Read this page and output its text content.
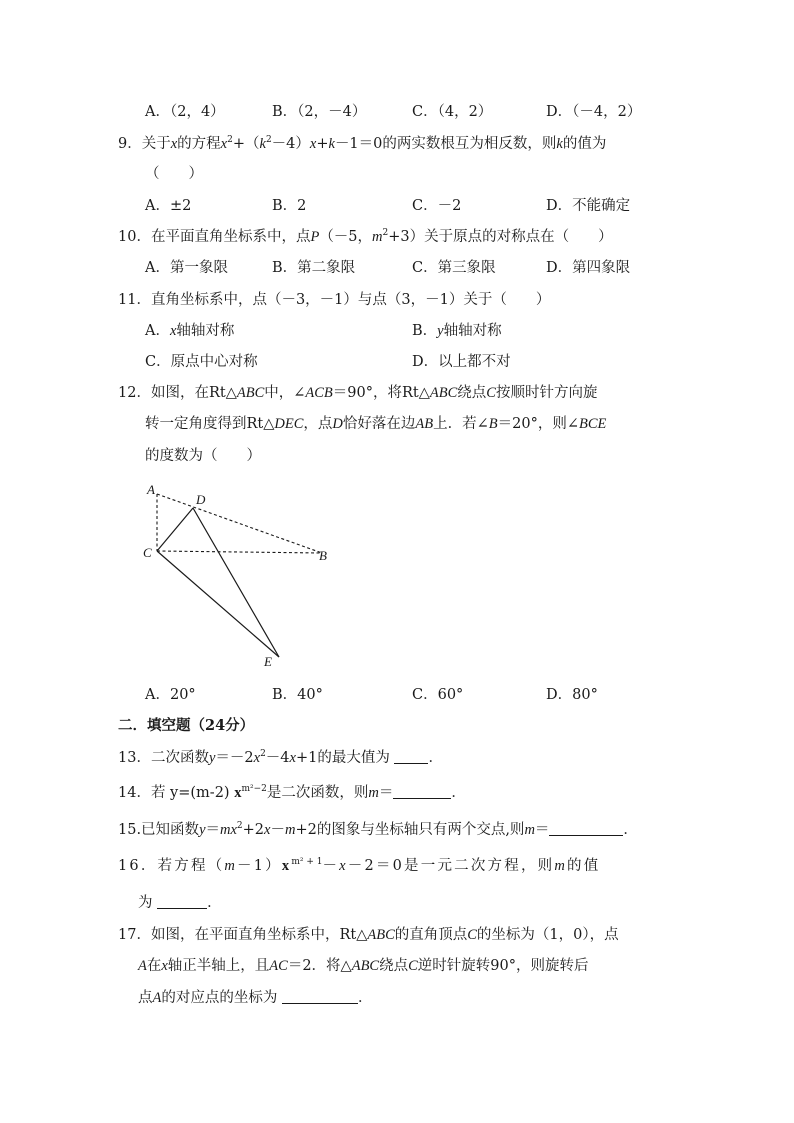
A．（2，4）	B．（2，－4）	C．（4，2）	D．（－4，2）
9．关于x的方程$x^2+(k^2-4)x+k-1=0$的两实数根互为相反数，则k的值为
（　　）
A．±2	B．2	C．－2	D．不能确定
10．在平面直角坐标系中，点P（－5，$m^2+3$）关于原点的对称点在（　　）
A．第一象限	B．第二象限	C．第三象限	D．第四象限
11．直角坐标系中，点（－3，－1）与点（3，－1）关于（　　）
A．x轴轴对称	B．y轴轴对称
C．原点中心对称	D．以上都不对
12．如图，在Rt△ABC中，∠ACB＝90°，将Rt△ABC绕点C按顺时针方向旋
转一定角度得到Rt△DEC，点D恰好落在边AB上．若∠B＝20°，则∠BCE
的度数为（　　）
A
D
C	B
E
A．20°	B．40°	C．60°	D．80°
二．填空题（24分）
13．二次函数$y=-2x^2-4x+1$的最大值为	．
14．若 y=(m-2) $x^{m^2-2}$是二次函数，则m＝	．
15.已知函数$y=mx^2+2x-m+2$的图象与坐标轴只有两个交点,则m＝	．
16．若方程$(m-1)x^{m^2 + 1}-x-2=0$是一元二次方程，则m的值
为	．
17．如图，在平面直角坐标系中，Rt△ABC的直角顶点C的坐标为（1，0），点
A在x轴正半轴上，且AC＝2．将△ABC绕点C逆时针旋转90°，则旋转后
点A的对应点的坐标为	．
